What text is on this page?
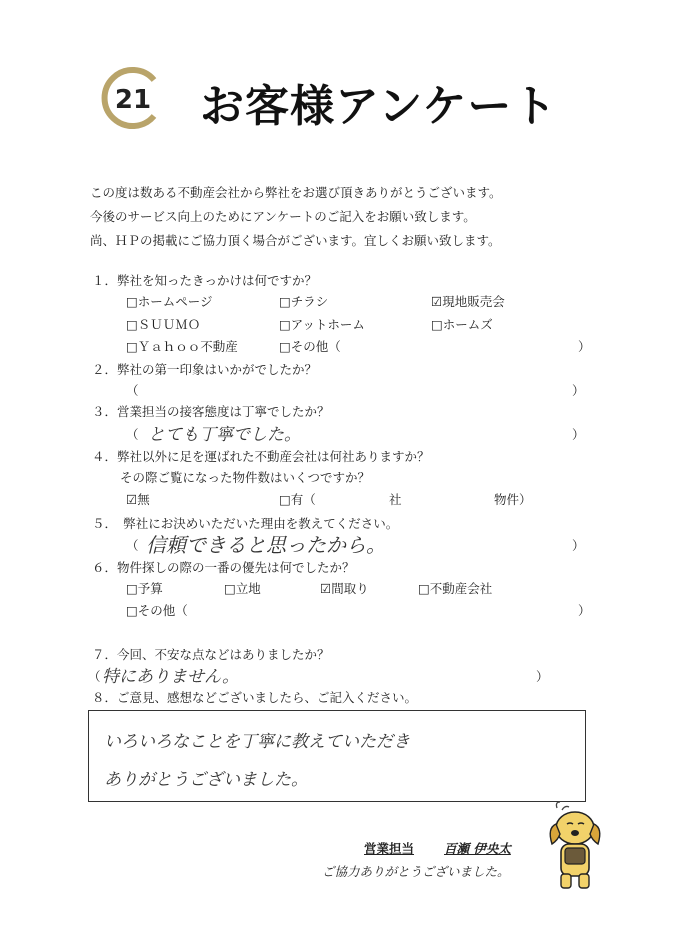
21 お客様アンケート
この度は数ある不動産会社から弊社をお選び頂きありがとうございます。
今後のサービス向上のためにアンケートのご記入をお願い致します。
尚、ＨＰの掲載にご協力頂く場合がございます。宜しくお願い致します。
１．弊社を知ったきっかけは何ですか？
□ホームページ	□チラシ	☑現地販売会
□ＳＵＵＭＯ	□アットホーム	□ホームズ
□Ｙａｈｏｏ不動産	□その他（	）
２．弊社の第一印象はいかがでしたか？
（	）
３．営業担当の接客態度は丁寧でしたか？
（ とても丁寧でした。	）
４．弊社以外に足を運ばれた不動産会社は何社ありますか？
その際ご覧になった物件数はいくつですか？
☑無	□有（	社	物件）
５．　弊社にお決めいただいた理由を教えてください。
（ 信頼できると思ったから。	）
６．物件探しの際の一番の優先は何でしたか？
□予算	□立地	☑間取り	□不動産会社
□その他（	）
７．今回、不安な点などはありましたか？
（ 特にありません。	）
８．ご意見、感想などございましたら、ご記入ください。
いろいろなことを丁寧に教えていただき
ありがとうございました。
営業担当 百瀬 伊央太
ご協力ありがとうございました。
